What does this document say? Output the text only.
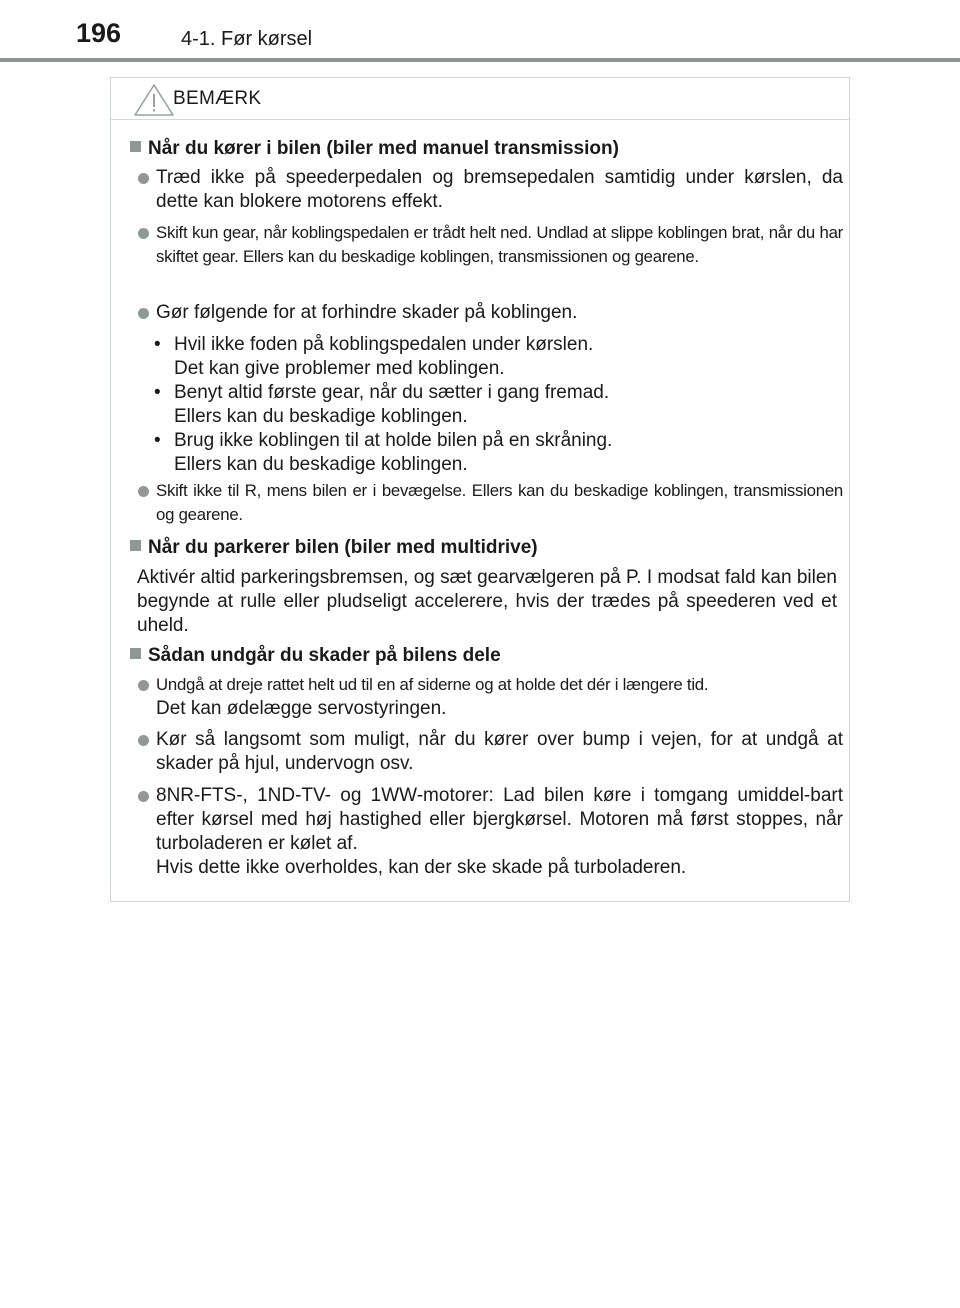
196	4-1. Før kørsel
BEMÆRK
Når du kører i bilen (biler med manuel transmission)
Træd ikke på speederpedalen og bremsepedalen samtidig under kørslen, da dette kan blokere motorens effekt.
Skift kun gear, når koblingspedalen er trådt helt ned. Undlad at slippe koblingen brat, når du har skiftet gear. Ellers kan du beskadige koblingen, transmissionen og gearene.
Gør følgende for at forhindre skader på koblingen.
• Hvil ikke foden på koblingspedalen under kørslen.
Det kan give problemer med koblingen.
• Benyt altid første gear, når du sætter i gang fremad.
Ellers kan du beskadige koblingen.
• Brug ikke koblingen til at holde bilen på en skråning.
Ellers kan du beskadige koblingen.
Skift ikke til R, mens bilen er i bevægelse. Ellers kan du beskadige koblingen, transmissionen og gearene.
Når du parkerer bilen (biler med multidrive)
Aktivér altid parkeringsbremsen, og sæt gearvælgeren på P. I modsat fald kan bilen begynde at rulle eller pludseligt accelerere, hvis der trædes på speederen ved et uheld.
Sådan undgår du skader på bilens dele
Undgå at dreje rattet helt ud til en af siderne og at holde det dér i længere tid.
Det kan ødelægge servostyringen.
Kør så langsomt som muligt, når du kører over bump i vejen, for at undgå at skader på hjul, undervogn osv.
8NR-FTS-, 1ND-TV- og 1WW-motorer: Lad bilen køre i tomgang umiddel-bart efter kørsel med høj hastighed eller bjergkørsel. Motoren må først stoppes, når turboladeren er kølet af.
Hvis dette ikke overholdes, kan der ske skade på turboladeren.
